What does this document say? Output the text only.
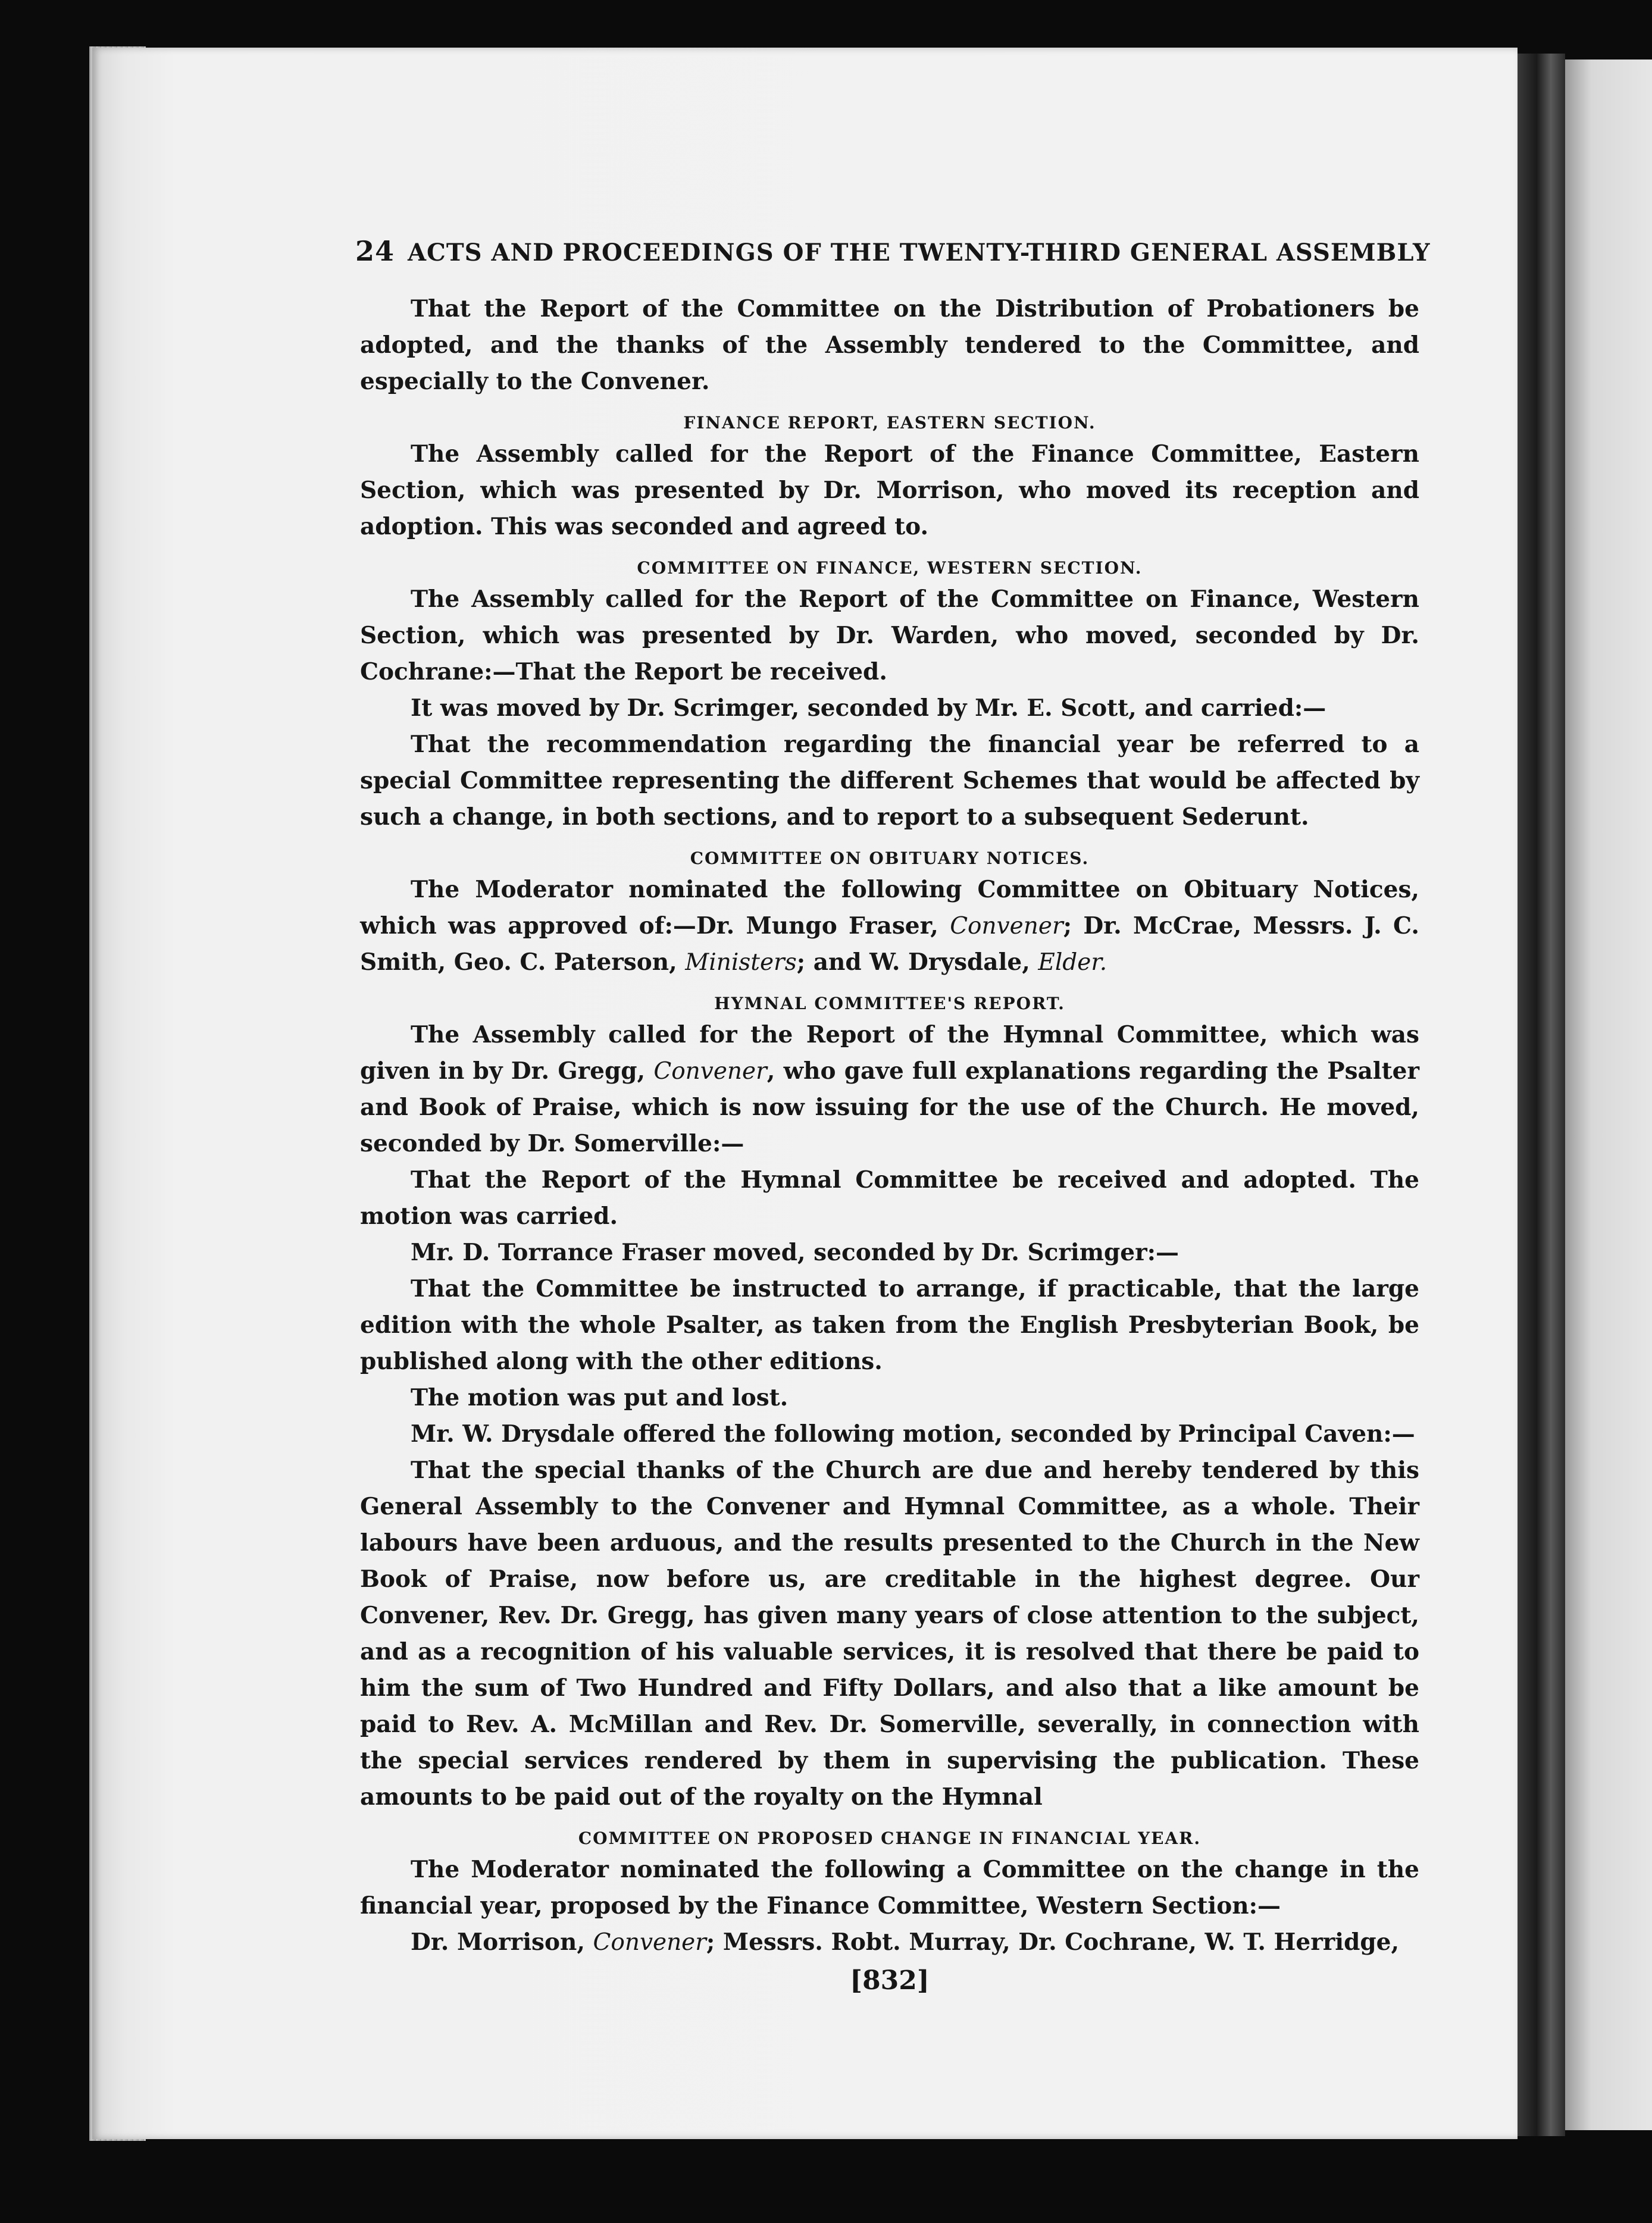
24 ACTS AND PROCEEDINGS OF THE TWENTY-THIRD GENERAL ASSEMBLY

That the Report of the Committee on the Distribution of Probationers be adopted, and the thanks of the Assembly tendered to the Committee, and especially to the Convener.

FINANCE REPORT, EASTERN SECTION.

The Assembly called for the Report of the Finance Committee, Eastern Section, which was presented by Dr. Morrison, who moved its reception and adoption. This was seconded and agreed to.

COMMITTEE ON FINANCE, WESTERN SECTION.

The Assembly called for the Report of the Committee on Finance, Western Section, which was presented by Dr. Warden, who moved, seconded by Dr. Cochrane:—That the Report be received.

It was moved by Dr. Scrimger, seconded by Mr. E. Scott, and carried:—

That the recommendation regarding the financial year be referred to a special Committee representing the different Schemes that would be affected by such a change, in both sections, and to report to a subsequent Sederunt.

COMMITTEE ON OBITUARY NOTICES.

The Moderator nominated the following Committee on Obituary Notices, which was approved of:—Dr. Mungo Fraser, Convener; Dr. McCrae, Messrs. J. C. Smith, Geo. C. Paterson, Ministers; and W. Drysdale, Elder.

HYMNAL COMMITTEE'S REPORT.

The Assembly called for the Report of the Hymnal Committee, which was given in by Dr. Gregg, Convener, who gave full explanations regarding the Psalter and Book of Praise, which is now issuing for the use of the Church. He moved, seconded by Dr. Somerville:—

That the Report of the Hymnal Committee be received and adopted. The motion was carried.

Mr. D. Torrance Fraser moved, seconded by Dr. Scrimger:—

That the Committee be instructed to arrange, if practicable, that the large edition with the whole Psalter, as taken from the English Presbyterian Book, be published along with the other editions.

The motion was put and lost.

Mr. W. Drysdale offered the following motion, seconded by Principal Caven:—

That the special thanks of the Church are due and hereby tendered by this General Assembly to the Convener and Hymnal Committee, as a whole. Their labours have been arduous, and the results presented to the Church in the New Book of Praise, now before us, are creditable in the highest degree. Our Convener, Rev. Dr. Gregg, has given many years of close attention to the subject, and as a recognition of his valuable services, it is resolved that there be paid to him the sum of Two Hundred and Fifty Dollars, and also that a like amount be paid to Rev. A. McMillan and Rev. Dr. Somerville, severally, in connection with the special services rendered by them in supervising the publication. These amounts to be paid out of the royalty on the Hymnal

COMMITTEE ON PROPOSED CHANGE IN FINANCIAL YEAR.

The Moderator nominated the following a Committee on the change in the financial year, proposed by the Finance Committee, Western Section:—

Dr. Morrison, Convener; Messrs. Robt. Murray, Dr. Cochrane, W. T. Herridge,

[832]
